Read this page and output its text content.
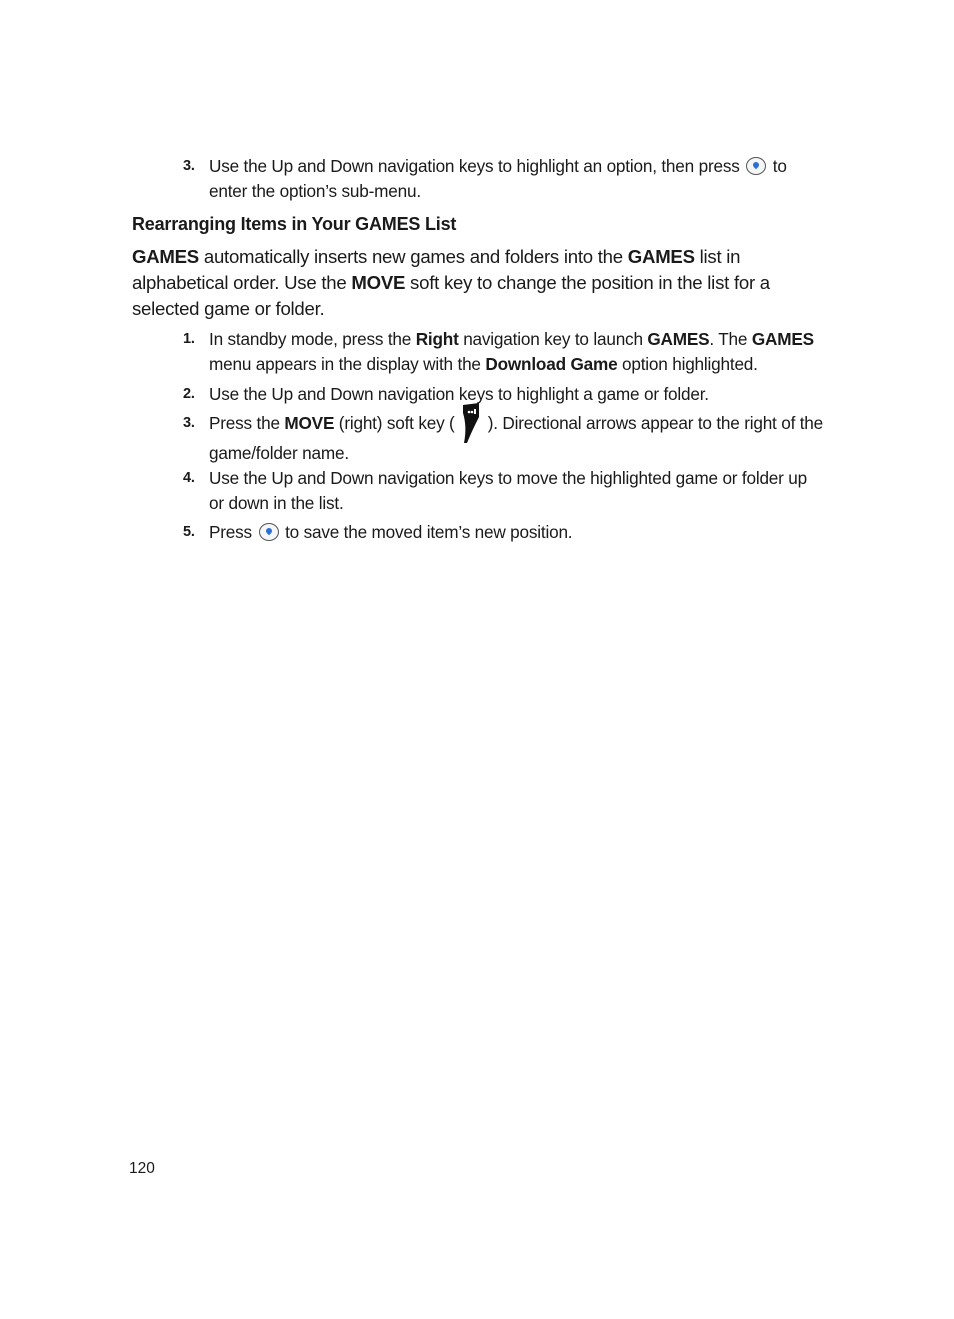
3. Use the Up and Down navigation keys to highlight an option, then press  to enter the option’s sub-menu.
Rearranging Items in Your GAMES List
GAMES automatically inserts new games and folders into the GAMES list in alphabetical order. Use the MOVE soft key to change the position in the list for a selected game or folder.
1. In standby mode, press the Right navigation key to launch GAMES. The GAMES menu appears in the display with the Download Game option highlighted.
2. Use the Up and Down navigation keys to highlight a game or folder.
3. Press the MOVE (right) soft key (
). Directional arrows appear to the right of the game/folder name.
4. Use the Up and Down navigation keys to move the highlighted game or folder up or down in the list.
5. Press  to save the moved item’s new position.
120
